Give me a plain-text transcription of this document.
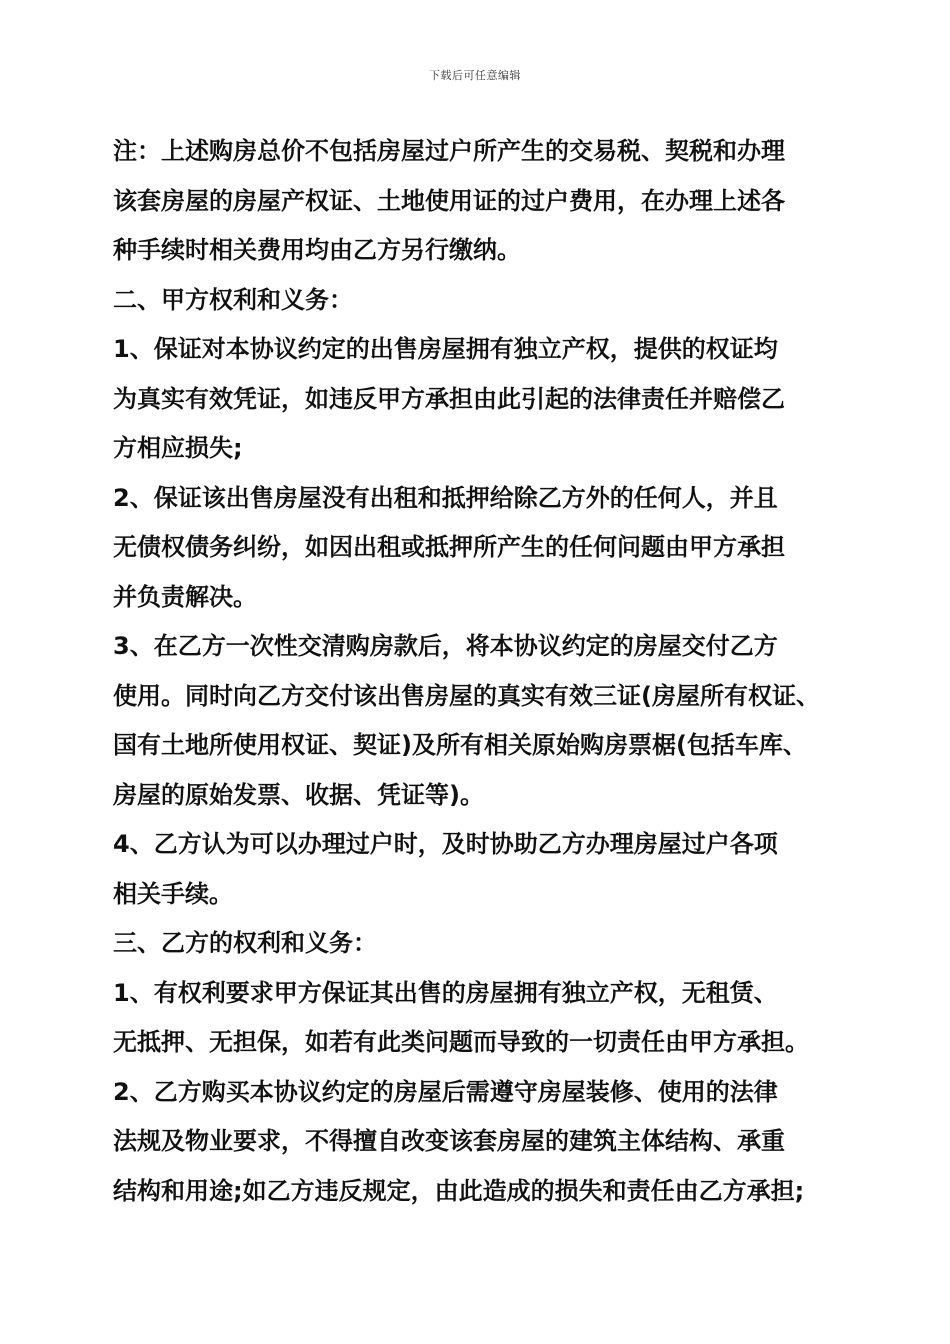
下载后可任意编辑
注：上述购房总价不包括房屋过户所产生的交易税、契税和办理
该套房屋的房屋产权证、土地使用证的过户费用，在办理上述各
种手续时相关费用均由乙方另行缴纳。
二、甲方权利和义务：
1、保证对本协议约定的出售房屋拥有独立产权，提供的权证均
为真实有效凭证，如违反甲方承担由此引起的法律责任并赔偿乙
方相应损失;
2、保证该出售房屋没有出租和抵押给除乙方外的任何人，并且
无债权债务纠纷，如因出租或抵押所产生的任何问题由甲方承担
并负责解决。
3、在乙方一次性交清购房款后，将本协议约定的房屋交付乙方
使用。同时向乙方交付该出售房屋的真实有效三证(房屋所有权证、
国有土地所使用权证、契证)及所有相关原始购房票椐(包括车库、
房屋的原始发票、收据、凭证等)。
4、乙方认为可以办理过户时，及时协助乙方办理房屋过户各项
相关手续。
三、乙方的权利和义务：
1、有权利要求甲方保证其出售的房屋拥有独立产权，无租赁、
无抵押、无担保，如若有此类问题而导致的一切责任由甲方承担。
2、乙方购买本协议约定的房屋后需遵守房屋装修、使用的法律
法规及物业要求，不得擅自改变该套房屋的建筑主体结构、承重
结构和用途;如乙方违反规定，由此造成的损失和责任由乙方承担;
